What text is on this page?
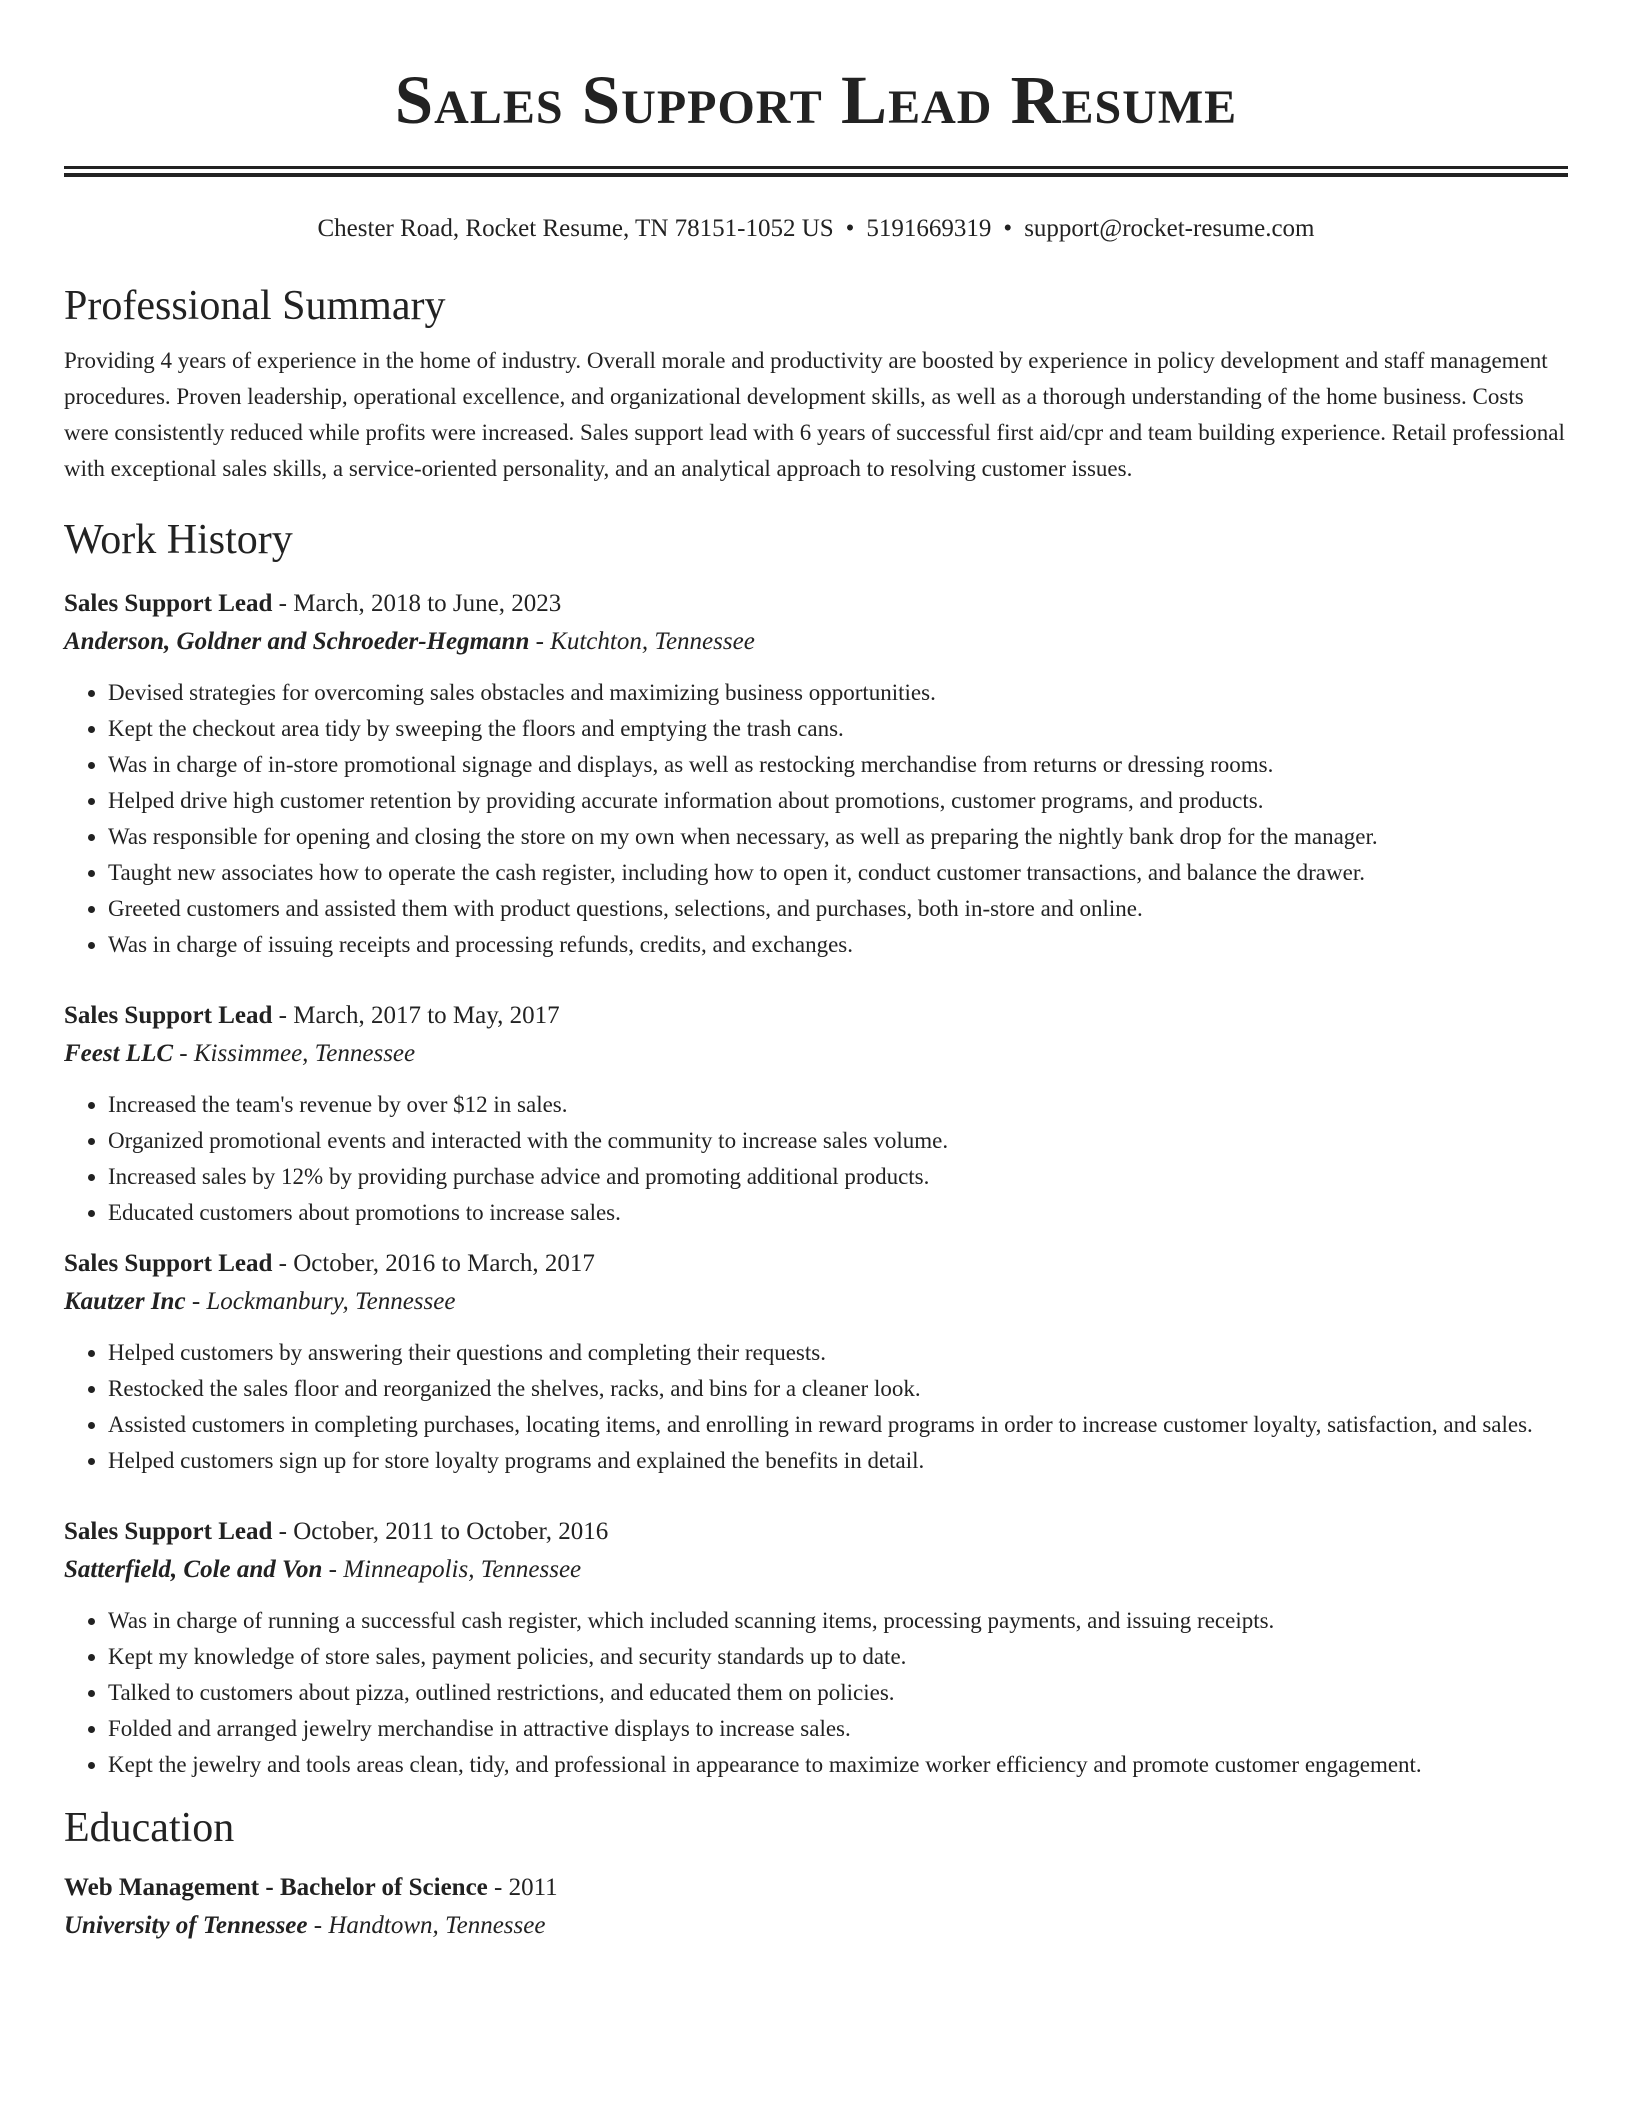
Sales Support Lead Resume
Chester Road, Rocket Resume, TN 78151-1052 US • 5191669319 • support@rocket-resume.com
Professional Summary

Providing 4 years of experience in the home of industry. Overall morale and productivity are boosted by experience in policy development and staff management procedures. Proven leadership, operational excellence, and organizational development skills, as well as a thorough understanding of the home business. Costs were consistently reduced while profits were increased. Sales support lead with 6 years of successful first aid/cpr and team building experience. Retail professional with exceptional sales skills, a service-oriented personality, and an analytical approach to resolving customer issues.

Work History
Sales Support Lead - March, 2018 to June, 2023
Anderson, Goldner and Schroeder-Hegmann - Kutchton, Tennessee
• Devised strategies for overcoming sales obstacles and maximizing business opportunities.
• Kept the checkout area tidy by sweeping the floors and emptying the trash cans.
• Was in charge of in-store promotional signage and displays, as well as restocking merchandise from returns or dressing rooms.
• Helped drive high customer retention by providing accurate information about promotions, customer programs, and products.
• Was responsible for opening and closing the store on my own when necessary, as well as preparing the nightly bank drop for the manager.
• Taught new associates how to operate the cash register, including how to open it, conduct customer transactions, and balance the drawer.
• Greeted customers and assisted them with product questions, selections, and purchases, both in-store and online.
• Was in charge of issuing receipts and processing refunds, credits, and exchanges.
Sales Support Lead - March, 2017 to May, 2017
Feest LLC - Kissimmee, Tennessee
• Increased the team's revenue by over $12 in sales.
• Organized promotional events and interacted with the community to increase sales volume.
• Increased sales by 12% by providing purchase advice and promoting additional products.
• Educated customers about promotions to increase sales.
Sales Support Lead - October, 2016 to March, 2017
Kautzer Inc - Lockmanbury, Tennessee
• Helped customers by answering their questions and completing their requests.
• Restocked the sales floor and reorganized the shelves, racks, and bins for a cleaner look.
• Assisted customers in completing purchases, locating items, and enrolling in reward programs in order to increase customer loyalty, satisfaction, and sales.
• Helped customers sign up for store loyalty programs and explained the benefits in detail.
Sales Support Lead - October, 2011 to October, 2016
Satterfield, Cole and Von - Minneapolis, Tennessee
• Was in charge of running a successful cash register, which included scanning items, processing payments, and issuing receipts.
• Kept my knowledge of store sales, payment policies, and security standards up to date.
• Talked to customers about pizza, outlined restrictions, and educated them on policies.
• Folded and arranged jewelry merchandise in attractive displays to increase sales.
• Kept the jewelry and tools areas clean, tidy, and professional in appearance to maximize worker efficiency and promote customer engagement.
Education
Web Management - Bachelor of Science - 2011
University of Tennessee - Handtown, Tennessee
